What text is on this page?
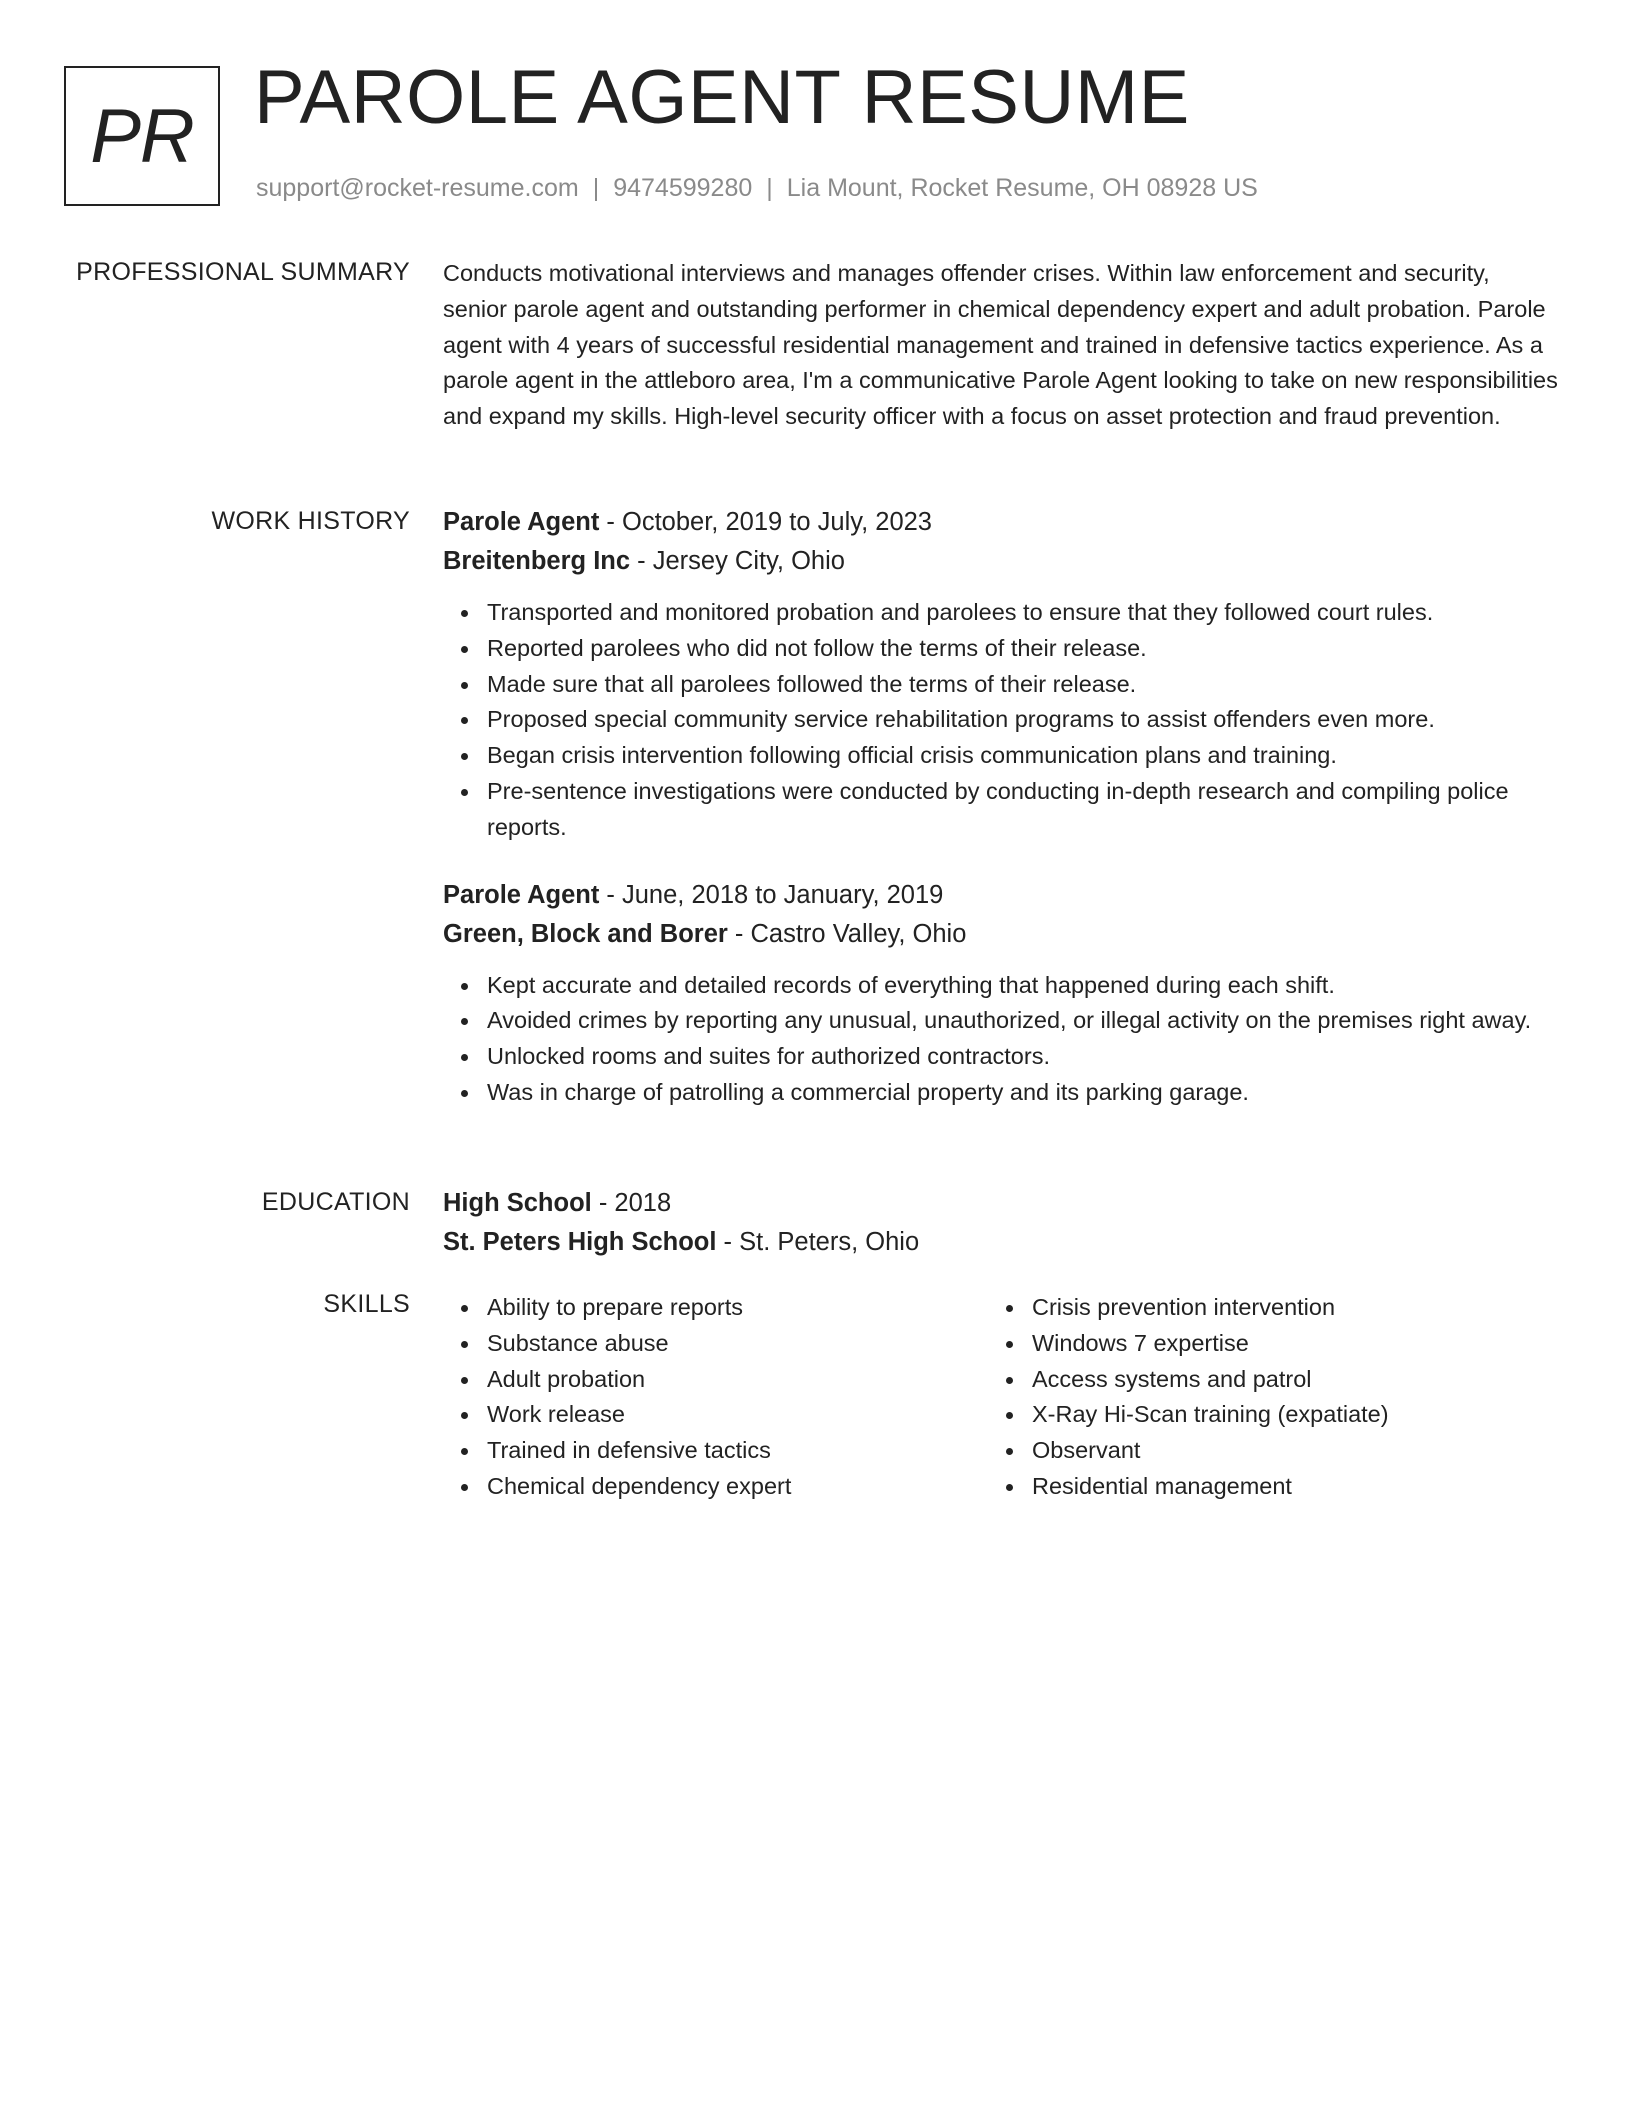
PR PAROLE AGENT RESUME
support@rocket-resume.com | 9474599280 | Lia Mount, Rocket Resume, OH 08928 US
PROFESSIONAL SUMMARY Conducts motivational interviews and manages offender crises. Within law enforcement and security, senior parole agent and outstanding performer in chemical dependency expert and adult probation. Parole agent with 4 years of successful residential management and trained in defensive tactics experience. As a parole agent in the attleboro area, I'm a communicative Parole Agent looking to take on new responsibilities and expand my skills. High-level security officer with a focus on asset protection and fraud prevention.

WORK HISTORY Parole Agent - October, 2019 to July, 2023
Breitenberg Inc - Jersey City, Ohio
Transported and monitored probation and parolees to ensure that they followed court rules.
Reported parolees who did not follow the terms of their release.
Made sure that all parolees followed the terms of their release.
Proposed special community service rehabilitation programs to assist offenders even more.
Began crisis intervention following official crisis communication plans and training.
Pre-sentence investigations were conducted by conducting in-depth research and compiling police reports.
Parole Agent - June, 2018 to January, 2019
Green, Block and Borer - Castro Valley, Ohio
Kept accurate and detailed records of everything that happened during each shift.
Avoided crimes by reporting any unusual, unauthorized, or illegal activity on the premises right away.
Unlocked rooms and suites for authorized contractors.
Was in charge of patrolling a commercial property and its parking garage.
EDUCATION High School - 2018
St. Peters High School - St. Peters, Ohio
SKILLS	Ability to prepare reports
Substance abuse
Adult probation
Work release
Trained in defensive tactics
Chemical dependency expert
Crisis prevention intervention
Windows 7 expertise
Access systems and patrol
X-Ray Hi-Scan training (expatiate)
Observant
Residential management
